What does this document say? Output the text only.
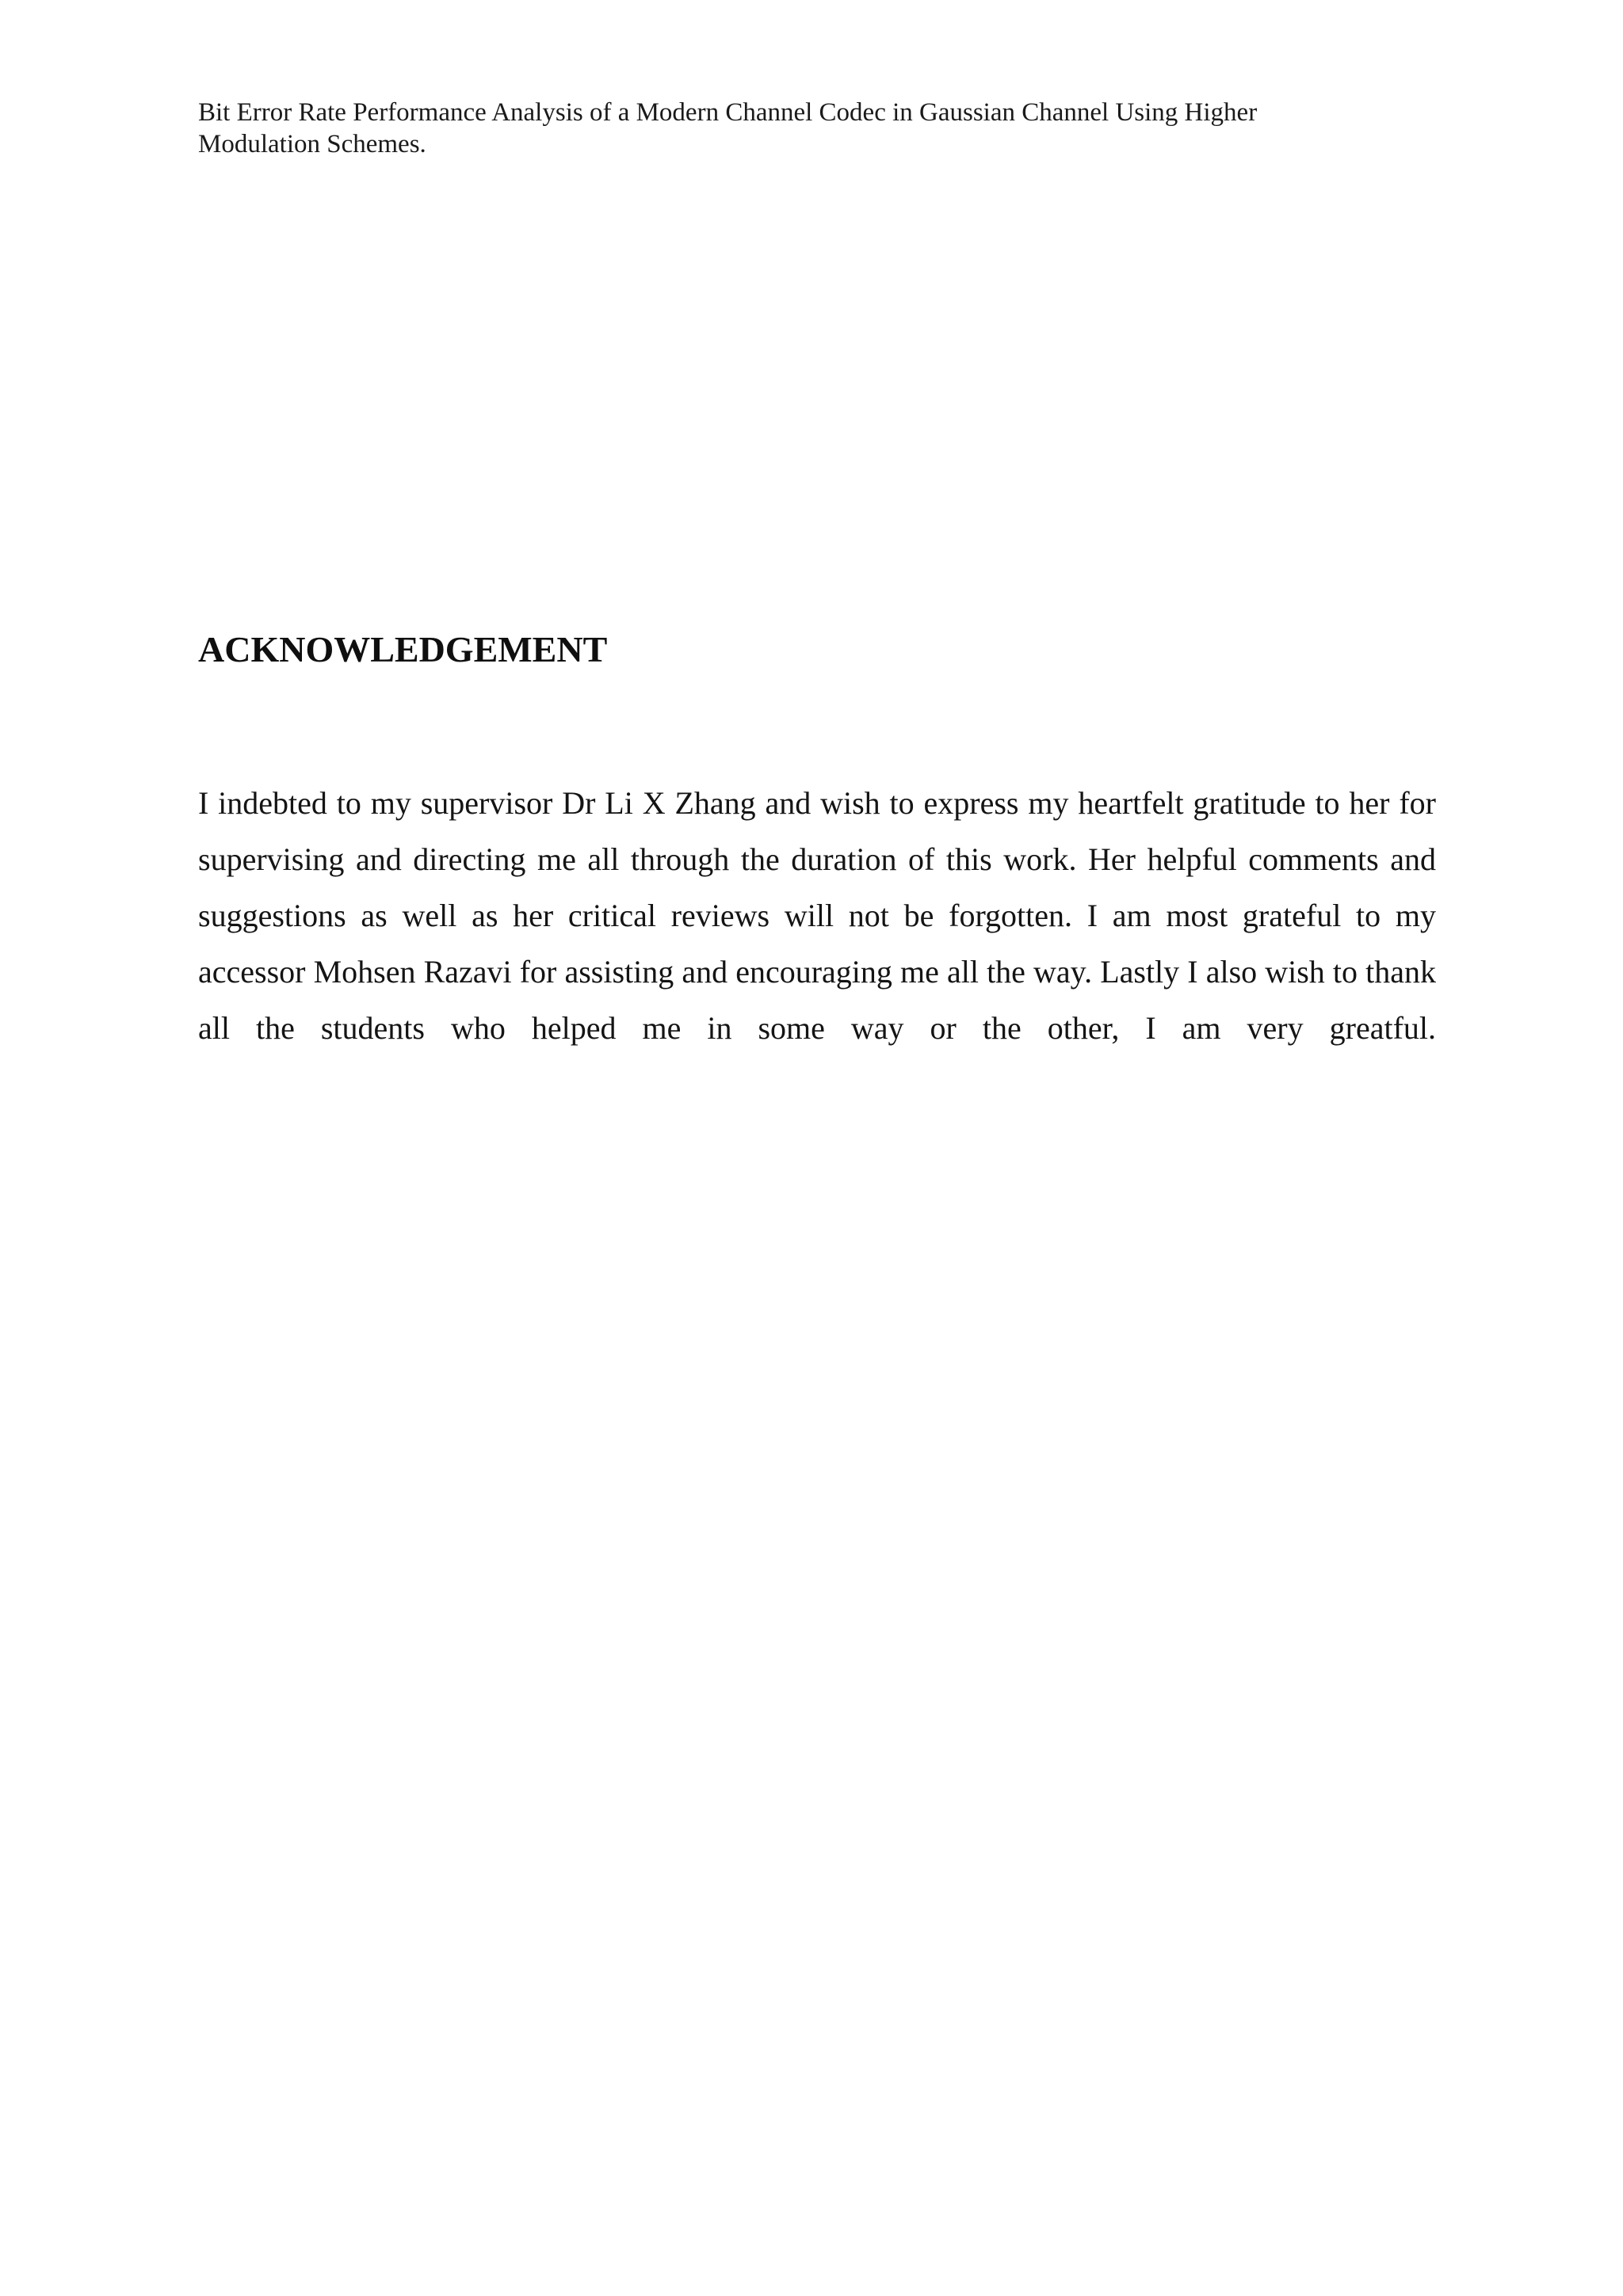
Bit Error Rate Performance Analysis of a Modern Channel Codec in Gaussian Channel Using Higher Modulation Schemes.
ACKNOWLEDGEMENT

I indebted to my supervisor Dr Li X Zhang and wish to express my heartfelt gratitude to her for supervising and directing me all through the duration of this work. Her helpful comments and suggestions as well as her critical reviews will not be forgotten. I am most grateful to my accessor Mohsen Razavi for assisting and encouraging me all the way. Lastly I also wish to thank all the students who helped me in some way or the other, I am very greatful.
